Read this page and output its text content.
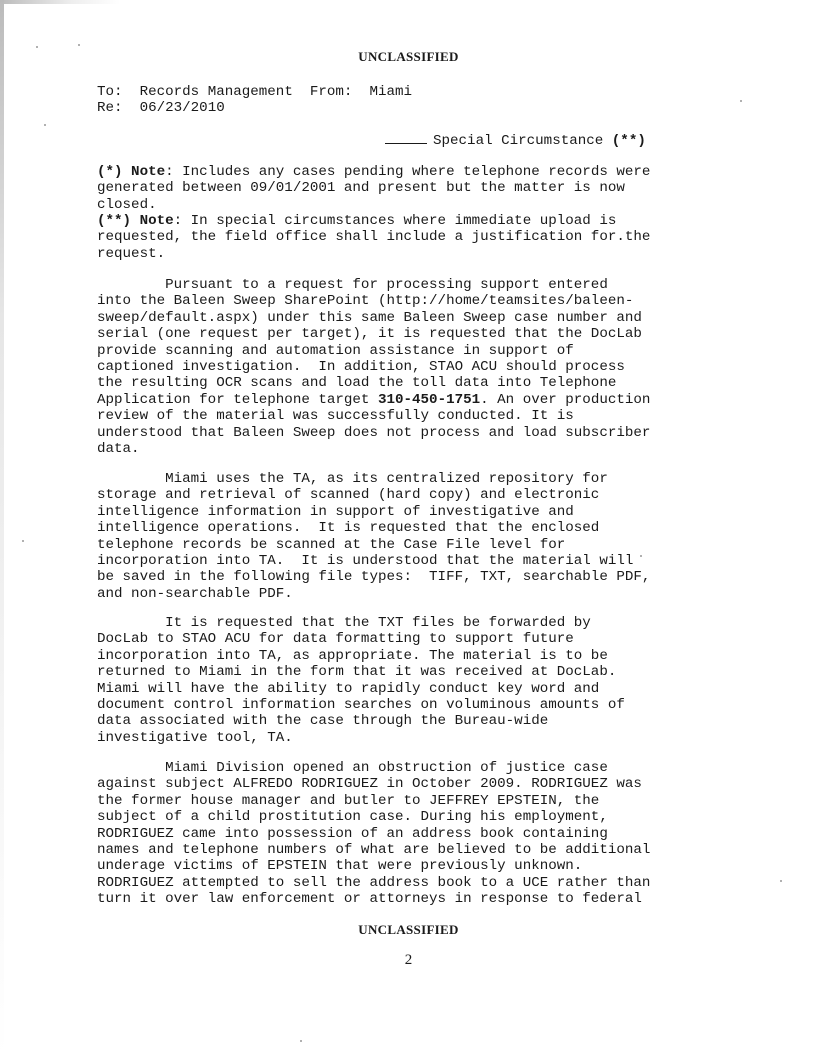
UNCLASSIFIED
To: Records Management From: Miami
Re: 06/23/2010
Special Circumstance (**)
(*) Note: Includes any cases pending where telephone records were
generated between 09/01/2001 and present but the matter is now
closed.
(**) Note: In special circumstances where immediate upload is
requested, the field office shall include a justification for.the
request.
Pursuant to a request for processing support entered
into the Baleen Sweep SharePoint (http://home/teamsites/baleen-
sweep/default.aspx) under this same Baleen Sweep case number and
serial (one request per target), it is requested that the DocLab
provide scanning and automation assistance in support of
captioned investigation.  In addition, STAO ACU should process
the resulting OCR scans and load the toll data into Telephone
Application for telephone target 310-450-1751. An over production
review of the material was successfully conducted. It is
understood that Baleen Sweep does not process and load subscriber
data.
Miami uses the TA, as its centralized repository for
storage and retrieval of scanned (hard copy) and electronic
intelligence information in support of investigative and
intelligence operations.  It is requested that the enclosed
telephone records be scanned at the Case File level for
incorporation into TA.  It is understood that the material will
be saved in the following file types:  TIFF, TXT, searchable PDF,
and non-searchable PDF.
It is requested that the TXT files be forwarded by
DocLab to STAO ACU for data formatting to support future
incorporation into TA, as appropriate. The material is to be
returned to Miami in the form that it was received at DocLab.
Miami will have the ability to rapidly conduct key word and
document control information searches on voluminous amounts of
data associated with the case through the Bureau-wide
investigative tool, TA.
Miami Division opened an obstruction of justice case
against subject ALFREDO RODRIGUEZ in October 2009. RODRIGUEZ was
the former house manager and butler to JEFFREY EPSTEIN, the
subject of a child prostitution case. During his employment,
RODRIGUEZ came into possession of an address book containing
names and telephone numbers of what are believed to be additional
underage victims of EPSTEIN that were previously unknown.
RODRIGUEZ attempted to sell the address book to a UCE rather than
turn it over law enforcement or attorneys in response to federal
UNCLASSIFIED
2
